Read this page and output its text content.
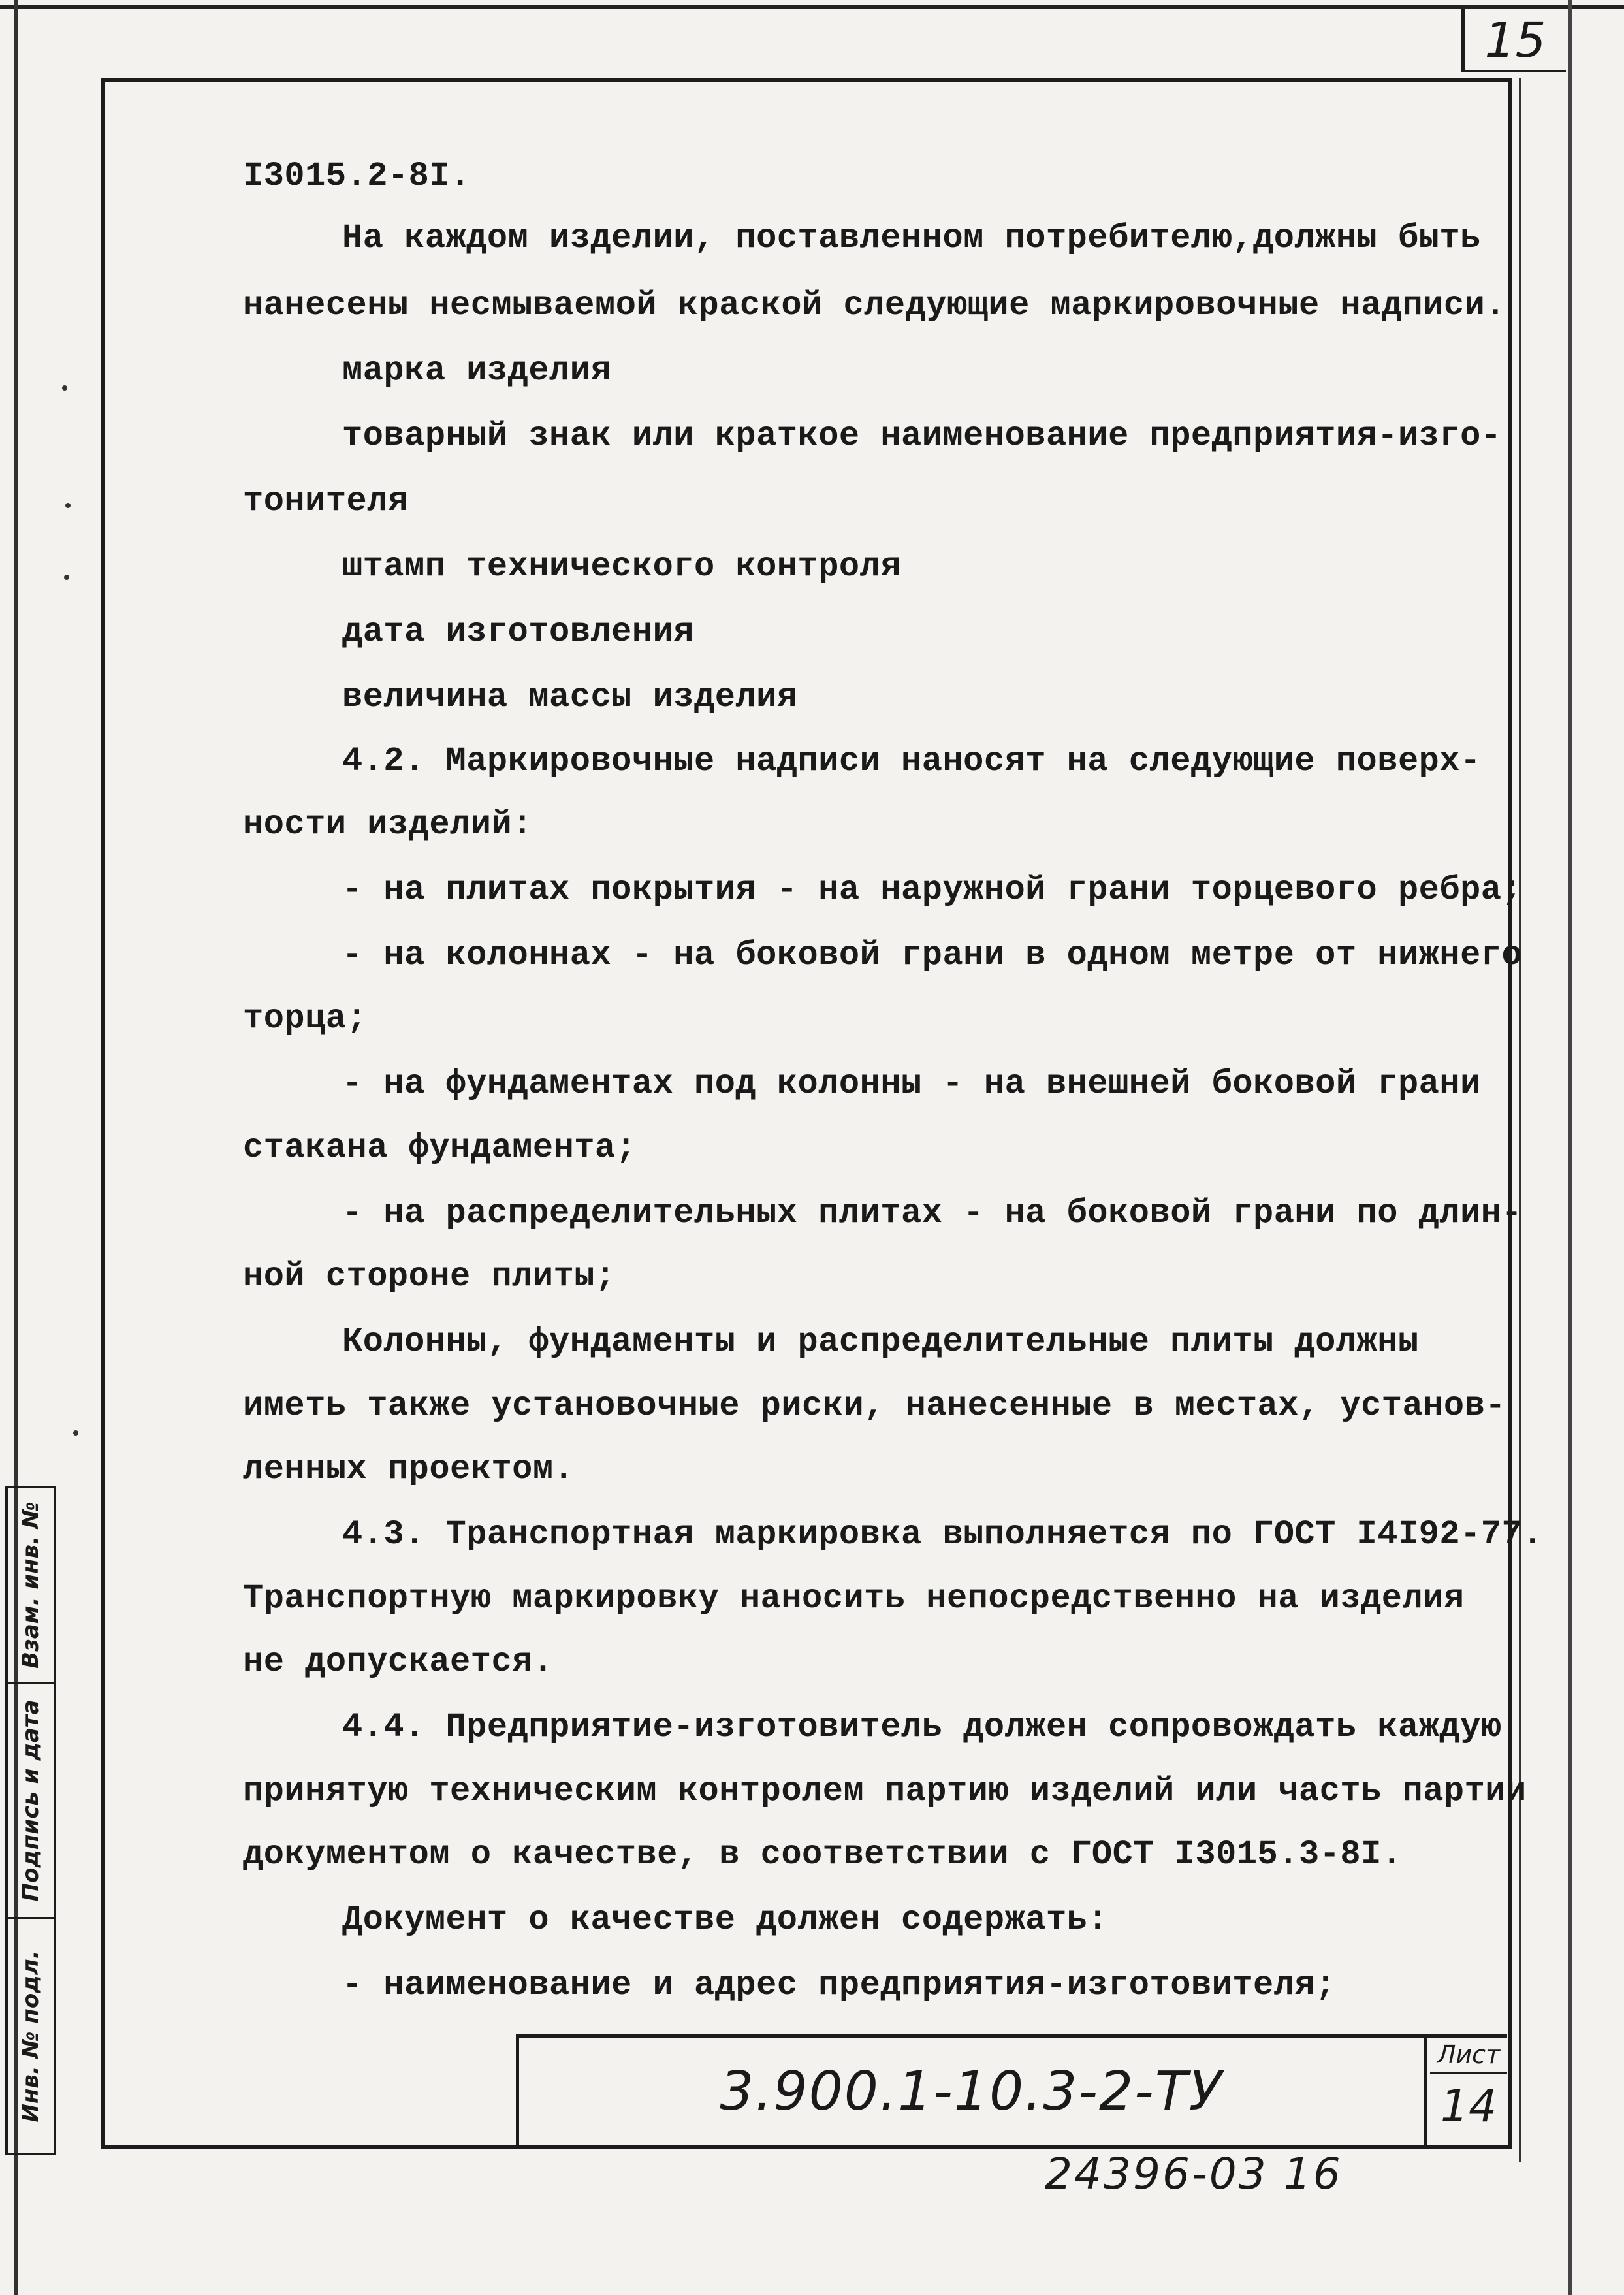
15
I3015.2-8I.
На каждом изделии, поставленном потребителю,должны быть
нанесены несмываемой краской следующие маркировочные надписи.
марка изделия
товарный знак или краткое наименование предприятия-изго-
тонителя
штамп технического контроля
дата изготовления
величина массы изделия
4.2. Маркировочные надписи наносят на следующие поверх-
ности изделий:
- на плитах покрытия - на наружной грани торцевого ребра;
- на колоннах - на боковой грани в одном метре от нижнего
торца;
- на фундаментах под колонны - на внешней боковой грани
стакана фундамента;
- на распределительных плитах - на боковой грани по длин-
ной стороне плиты;
Колонны, фундаменты и распределительные плиты должны
иметь также установочные риски, нанесенные в местах, установ-
ленных проектом.
4.3. Транспортная маркировка выполняется по ГОСТ I4I92-77.
Транспортную маркировку наносить непосредственно на изделия
не допускается.
4.4. Предприятие-изготовитель должен сопровождать каждую
принятую техническим контролем партию изделий или часть партии
документом о качестве, в соответствии с ГОСТ I3015.3-8I.
Документ о качестве должен содержать:
- наименование и адрес предприятия-изготовителя;
3.900.1-10.3-2-ТУ
Лист
14
24396-03 16
Взам. инв. №
Подпись и дата
Инв. № подл.
